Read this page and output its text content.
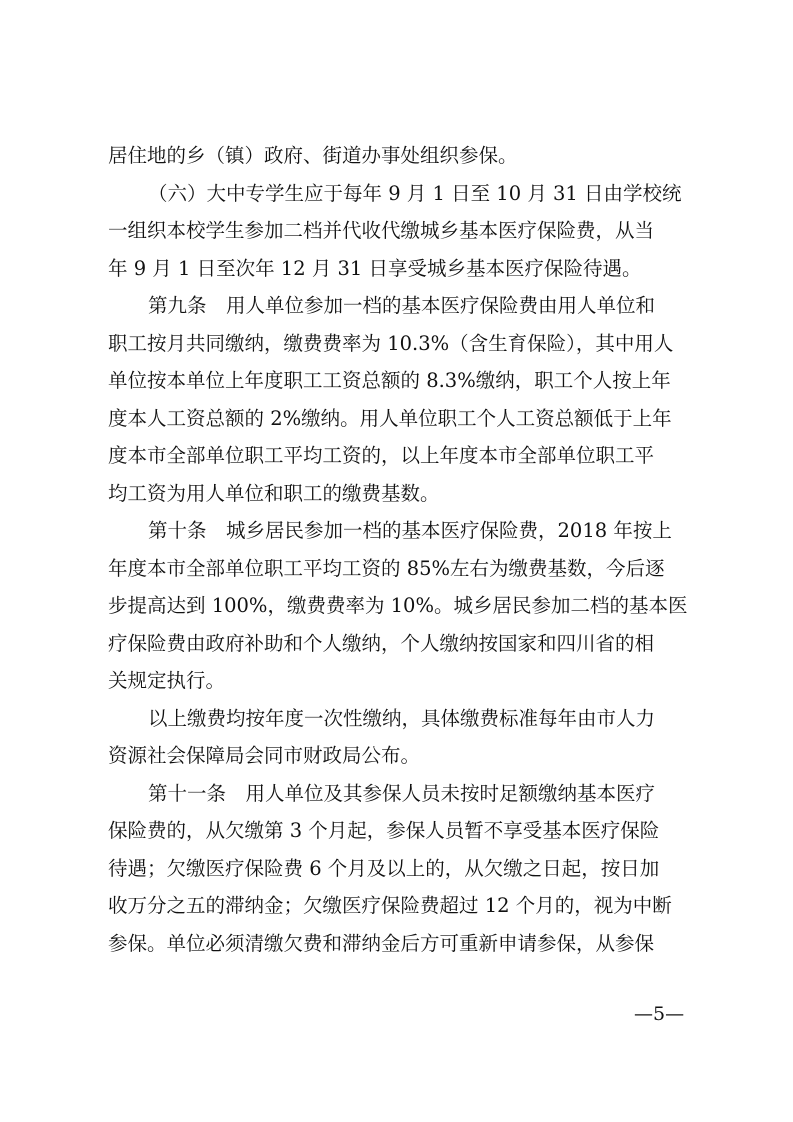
居住地的乡（镇）政府、街道办事处组织参保。
（六）大中专学生应于每年 9 月 1 日至 10 月 31 日由学校统
一组织本校学生参加二档并代收代缴城乡基本医疗保险费，从当
年 9 月 1 日至次年 12 月 31 日享受城乡基本医疗保险待遇。
第九条　用人单位参加一档的基本医疗保险费由用人单位和
职工按月共同缴纳，缴费费率为 10.3%（含生育保险），其中用人
单位按本单位上年度职工工资总额的 8.3%缴纳，职工个人按上年
度本人工资总额的 2%缴纳。用人单位职工个人工资总额低于上年
度本市全部单位职工平均工资的，以上年度本市全部单位职工平
均工资为用人单位和职工的缴费基数。
第十条　城乡居民参加一档的基本医疗保险费，2018 年按上
年度本市全部单位职工平均工资的 85%左右为缴费基数，今后逐
步提高达到 100%，缴费费率为 10%。城乡居民参加二档的基本医
疗保险费由政府补助和个人缴纳，个人缴纳按国家和四川省的相
关规定执行。
以上缴费均按年度一次性缴纳，具体缴费标准每年由市人力
资源社会保障局会同市财政局公布。
第十一条　用人单位及其参保人员未按时足额缴纳基本医疗
保险费的，从欠缴第 3 个月起，参保人员暂不享受基本医疗保险
待遇；欠缴医疗保险费 6 个月及以上的，从欠缴之日起，按日加
收万分之五的滞纳金；欠缴医疗保险费超过 12 个月的，视为中断
参保。单位必须清缴欠费和滞纳金后方可重新申请参保，从参保
—5—
